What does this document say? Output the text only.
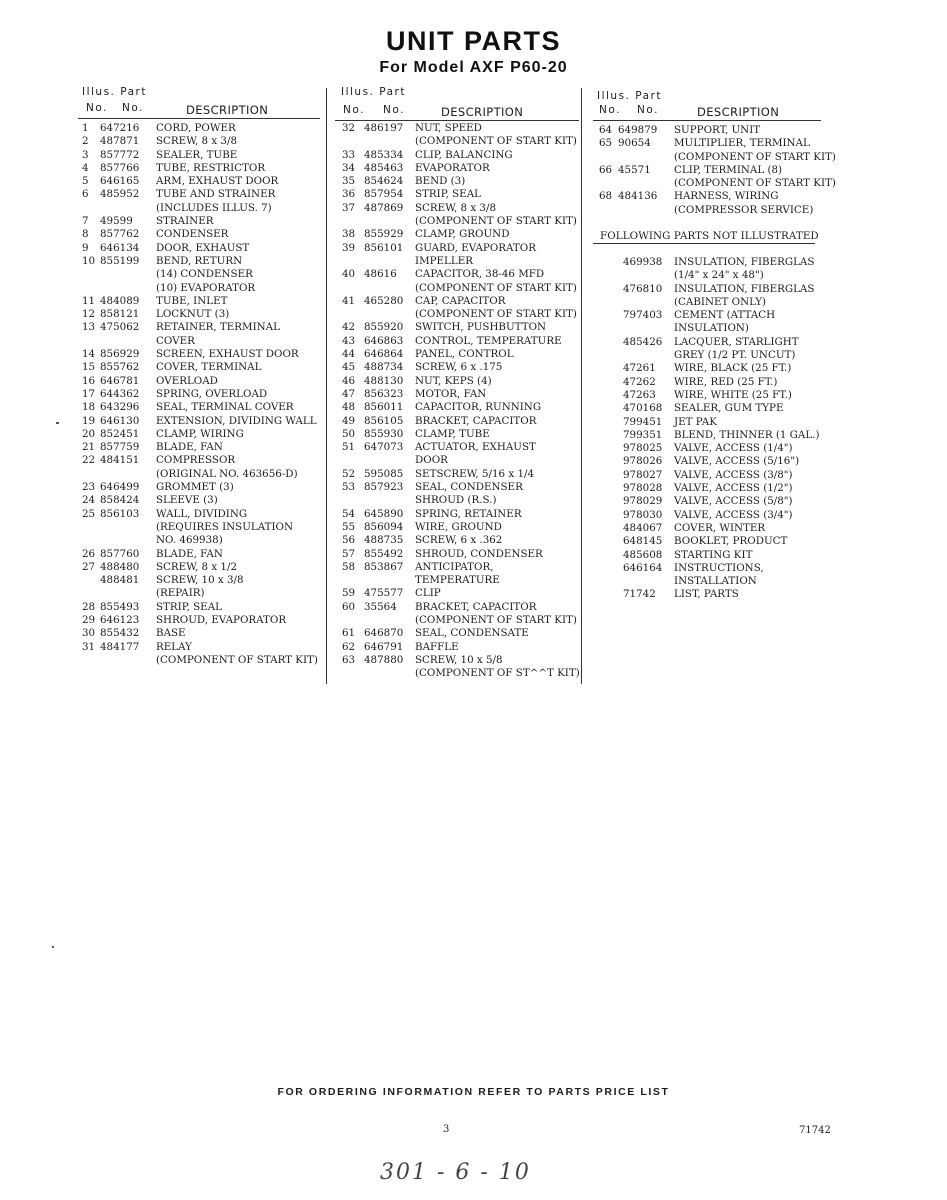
UNIT PARTS
For Model AXF P60-20
Illus. Part
No. No.	DESCRIPTION
1	647216 CORD, POWER
2	487871 SCREW, 8 x 3/8
3	857772 SEALER, TUBE
4	857766 TUBE, RESTRICTOR
5	646165 ARM, EXHAUST DOOR
6	485952 TUBE AND STRAINER
(INCLUDES ILLUS. 7)
7	49599 STRAINER
8	857762 CONDENSER
9	646134 DOOR, EXHAUST
10 855199 BEND, RETURN
(14) CONDENSER
(10) EVAPORATOR
11 484089 TUBE, INLET
12 858121 LOCKNUT (3)
13 475062 RETAINER, TERMINAL
COVER
14 856929 SCREEN, EXHAUST DOOR
15 855762 COVER, TERMINAL
16 646781 OVERLOAD
17 644362 SPRING, OVERLOAD
18 643296 SEAL, TERMINAL COVER
19 646130 EXTENSION, DIVIDING WALL
20 852451 CLAMP, WIRING
21 857759 BLADE, FAN
22 484151 COMPRESSOR
(ORIGINAL NO. 463656-D)
23 646499 GROMMET (3)
24 858424 SLEEVE (3)
25 856103 WALL, DIVIDING
(REQUIRES INSULATION
NO. 469938)
26 857760 BLADE, FAN
27 488480 SCREW, 8 x 1/2
488481 SCREW, 10 x 3/8
(REPAIR)
28 855493 STRIP, SEAL
29 646123 SHROUD, EVAPORATOR
30 855432 BASE
31 484177 RELAY
(COMPONENT OF START KIT)
Illus. Part
No. No.	DESCRIPTION
32 486197 NUT, SPEED
(COMPONENT OF START KIT)
33 485334 CLIP, BALANCING
34 485463 EVAPORATOR
35 854624 BEND (3)
36 857954 STRIP, SEAL
37 487869 SCREW, 8 x 3/8
(COMPONENT OF START KIT)
38 855929 CLAMP, GROUND
39 856101 GUARD, EVAPORATOR
IMPELLER
40 48616 CAPACITOR, 38-46 MFD
(COMPONENT OF START KIT)
41 465280 CAP, CAPACITOR
(COMPONENT OF START KIT)
42 855920 SWITCH, PUSHBUTTON
43 646863 CONTROL, TEMPERATURE
44 646864 PANEL, CONTROL
45 488734 SCREW, 6 x .175
46 488130 NUT, KEPS (4)
47 856323 MOTOR, FAN
48 856011 CAPACITOR, RUNNING
49 856105 BRACKET, CAPACITOR
50 855930 CLAMP, TUBE
51 647073 ACTUATOR, EXHAUST
DOOR
52 595085 SETSCREW, 5/16 x 1/4
53 857923 SEAL, CONDENSER
SHROUD (R.S.)
54 645890 SPRING, RETAINER
55 856094 WIRE, GROUND
56 488735 SCREW, 6 x .362
57 855492 SHROUD, CONDENSER
58 853867 ANTICIPATOR,
TEMPERATURE
59 475577 CLIP
60 35564 BRACKET, CAPACITOR
(COMPONENT OF START KIT)
61 646870 SEAL, CONDENSATE
62 646791 BAFFLE
63 487880 SCREW, 10 x 5/8
(COMPONENT OF ST^^T KIT)
Illus. Part
No. No.	DESCRIPTION
64 649879 SUPPORT, UNIT
65 90654 MULTIPLIER, TERMINAL
(COMPONENT OF START KIT)
66 45571 CLIP, TERMINAL (8)
(COMPONENT OF START KIT)
68 484136 HARNESS, WIRING
(COMPRESSOR SERVICE)
FOLLOWING PARTS NOT ILLUSTRATED
469938 INSULATION, FIBERGLAS
(1/4" x 24" x 48")
476810 INSULATION, FIBERGLAS
(CABINET ONLY)
797403 CEMENT (ATTACH
INSULATION)
485426 LACQUER, STARLIGHT
GREY (1/2 PT. UNCUT)
47261 WIRE, BLACK (25 FT.)
47262 WIRE, RED (25 FT.)
47263 WIRE, WHITE (25 FT.)
470168 SEALER, GUM TYPE
799451 JET PAK
799351 BLEND, THINNER (1 GAL.)
978025 VALVE, ACCESS (1/4")
978026 VALVE, ACCESS (5/16")
978027 VALVE, ACCESS (3/8")
978028 VALVE, ACCESS (1/2")
978029 VALVE, ACCESS (5/8")
978030 VALVE, ACCESS (3/4")
484067 COVER, WINTER
648145 BOOKLET, PRODUCT
485608 STARTING KIT
646164 INSTRUCTIONS,
INSTALLATION
71742 LIST, PARTS
FOR ORDERING INFORMATION REFER TO PARTS PRICE LIST
3	71742
301 - 6 - 10
